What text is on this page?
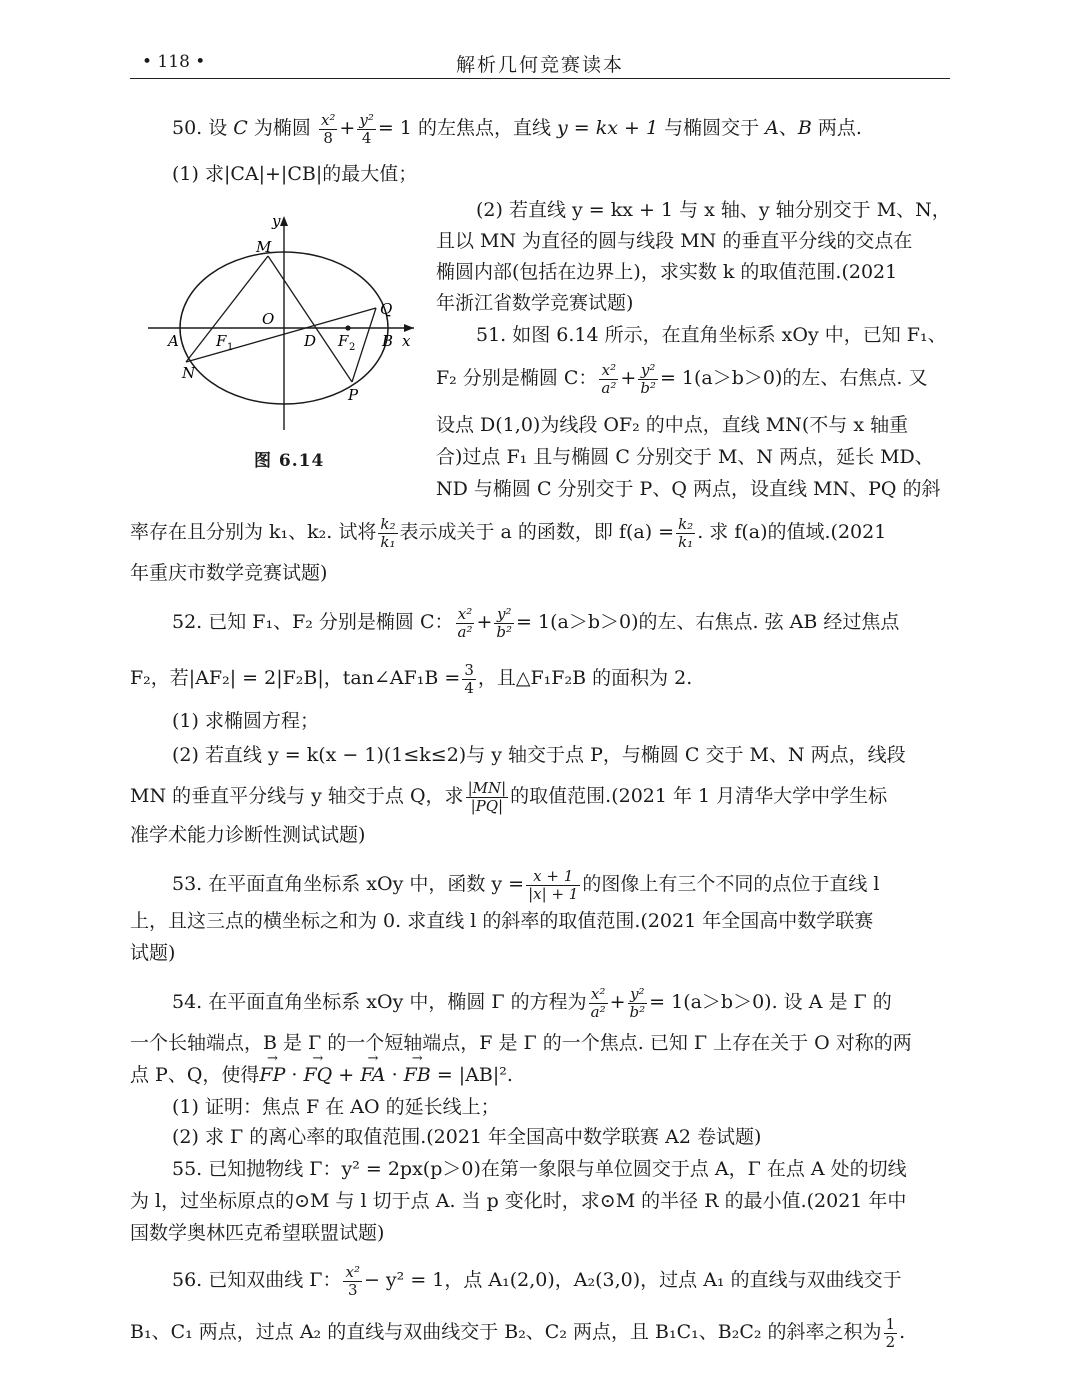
• 118 •	解析几何竞赛读本
50. 设 C 为椭圆 $\frac{\text{x²}}{8} + \frac{\text{y²}}{4} = 1$ 的左焦点，直线 y = kx + 1 与椭圆交于 A、B 两点.
(1) 求|CA|+|CB|的最大值；
y
M
O
Q
A F 1	D F 2 B x
N
P
图 6.14
(2) 若直线 y = kx + 1 与 x 轴、y 轴分别交于 M、N，
且以 MN 为直径的圆与线段 MN 的垂直平分线的交点在
椭圆内部(包括在边界上)，求实数 k 的取值范围.(2021
年浙江省数学竞赛试题)
51. 如图 6.14 所示，在直角坐标系 xOy 中，已知 F₁、
F₂ 分别是椭圆 C： $\frac{\text{x²}}{\text{a²}} + \frac{\text{y²}}{\text{b²}} = 1(a>b>0)$的左、右焦点. 又
设点 D(1,0)为线段 OF₂ 的中点，直线 MN(不与 x 轴重
合)过点 F₁ 且与椭圆 C 分别交于 M、N 两点，延长 MD、
ND 与椭圆 C 分别交于 P、Q 两点，设直线 MN、PQ 的斜
率存在且分别为 k₁、k₂. 试将 $\frac{\text{k₂}}{\text{k₁}}$ 表示成关于 a 的函数，即 $f(a) = \frac{\text{k₂}}{\text{k₁}}$ . 求 f(a)的值域.(2021
年重庆市数学竞赛试题)
52. 已知 F₁、F₂ 分别是椭圆 C： $\frac{\text{x²}}{\text{a²}} + \frac{\text{y²}}{\text{b²}} = 1(a>b>0)$的左、右焦点. 弦 AB 经过焦点
F₂，若|AF₂| = 2|F₂B|，tan∠AF₁B = $\frac{3}{4}$ ，且△F₁F₂B 的面积为 2.
(1) 求椭圆方程；
(2) 若直线 y = k(x − 1)(1≤k≤2)与 y 轴交于点 P，与椭圆 C 交于 M、N 两点，线段
MN 的垂直平分线与 y 轴交于点 Q，求 $\frac{|MN|}{|PQ|}$ 的取值范围.(2021 年 1 月清华大学中学生标
准学术能力诊断性测试试题)
53. 在平面直角坐标系 xOy 中，函数 $y = \frac{x + 1}{|x| + 1}$ 的图像上有三个不同的点位于直线 l
上，且这三点的横坐标之和为 0. 求直线 l 的斜率的取值范围.(2021 年全国高中数学联赛
试题)
54. 在平面直角坐标系 xOy 中，椭圆 Γ 的方程为 $\frac{\text{x²}}{\text{a²}} + \frac{\text{y²}}{\text{b²}} = 1(a>b>0)$. 设 A 是 Γ 的
一个长轴端点，B 是 Γ 的一个短轴端点，F 是 Γ 的一个焦点. 已知 Γ 上存在关于 O 对称的两
点 P、Q，使得→ FP · → FQ + → FA · → FB = |AB|².
(1) 证明：焦点 F 在 AO 的延长线上；
(2) 求 Γ 的离心率的取值范围.(2021 年全国高中数学联赛 A2 卷试题)
55. 已知抛物线 Γ：y² = 2px(p＞0)在第一象限与单位圆交于点 A，Γ 在点 A 处的切线
为 l，过坐标原点的⊙M 与 l 切于点 A. 当 p 变化时，求⊙M 的半径 R 的最小值.(2021 年中
国数学奥林匹克希望联盟试题)
56. 已知双曲线 Γ： $\frac{\text{x²}}{3} - y^2 = 1$，点 A₁(2,0)，A₂(3,0)，过点 A₁ 的直线与双曲线交于
B₁、C₁ 两点，过点 A₂ 的直线与双曲线交于 B₂、C₂ 两点，且 B₁C₁、B₂C₂ 的斜率之积为 $\frac{1}{2}$ .
